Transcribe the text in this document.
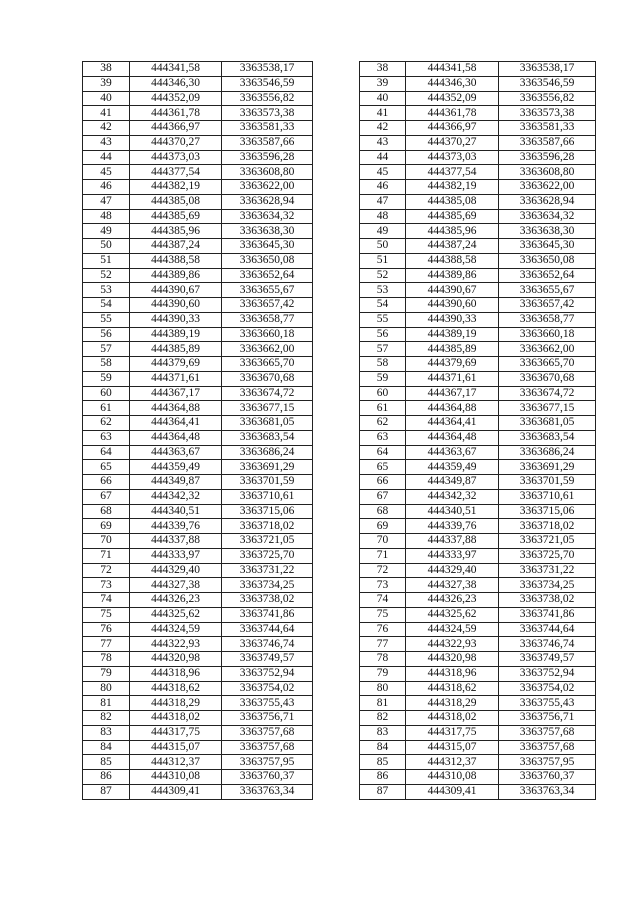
38	444341,58	3363538,17		38	444341,58	3363538,17
39	444346,30	3363546,59		39	444346,30	3363546,59
40	444352,09	3363556,82		40	444352,09	3363556,82
41	444361,78	3363573,38		41	444361,78	3363573,38
42	444366,97	3363581,33		42	444366,97	3363581,33
43	444370,27	3363587,66		43	444370,27	3363587,66
44	444373,03	3363596,28		44	444373,03	3363596,28
45	444377,54	3363608,80		45	444377,54	3363608,80
46	444382,19	3363622,00		46	444382,19	3363622,00
47	444385,08	3363628,94		47	444385,08	3363628,94
48	444385,69	3363634,32		48	444385,69	3363634,32
49	444385,96	3363638,30		49	444385,96	3363638,30
50	444387,24	3363645,30		50	444387,24	3363645,30
51	444388,58	3363650,08		51	444388,58	3363650,08
52	444389,86	3363652,64		52	444389,86	3363652,64
53	444390,67	3363655,67		53	444390,67	3363655,67
54	444390,60	3363657,42		54	444390,60	3363657,42
55	444390,33	3363658,77		55	444390,33	3363658,77
56	444389,19	3363660,18		56	444389,19	3363660,18
57	444385,89	3363662,00		57	444385,89	3363662,00
58	444379,69	3363665,70		58	444379,69	3363665,70
59	444371,61	3363670,68		59	444371,61	3363670,68
60	444367,17	3363674,72		60	444367,17	3363674,72
61	444364,88	3363677,15		61	444364,88	3363677,15
62	444364,41	3363681,05		62	444364,41	3363681,05
63	444364,48	3363683,54		63	444364,48	3363683,54
64	444363,67	3363686,24		64	444363,67	3363686,24
65	444359,49	3363691,29		65	444359,49	3363691,29
66	444349,87	3363701,59		66	444349,87	3363701,59
67	444342,32	3363710,61		67	444342,32	3363710,61
68	444340,51	3363715,06		68	444340,51	3363715,06
69	444339,76	3363718,02		69	444339,76	3363718,02
70	444337,88	3363721,05		70	444337,88	3363721,05
71	444333,97	3363725,70		71	444333,97	3363725,70
72	444329,40	3363731,22		72	444329,40	3363731,22
73	444327,38	3363734,25		73	444327,38	3363734,25
74	444326,23	3363738,02		74	444326,23	3363738,02
75	444325,62	3363741,86		75	444325,62	3363741,86
76	444324,59	3363744,64		76	444324,59	3363744,64
77	444322,93	3363746,74		77	444322,93	3363746,74
78	444320,98	3363749,57		78	444320,98	3363749,57
79	444318,96	3363752,94		79	444318,96	3363752,94
80	444318,62	3363754,02		80	444318,62	3363754,02
81	444318,29	3363755,43		81	444318,29	3363755,43
82	444318,02	3363756,71		82	444318,02	3363756,71
83	444317,75	3363757,68		83	444317,75	3363757,68
84	444315,07	3363757,68		84	444315,07	3363757,68
85	444312,37	3363757,95		85	444312,37	3363757,95
86	444310,08	3363760,37		86	444310,08	3363760,37
87	444309,41	3363763,34		87	444309,41	3363763,34
